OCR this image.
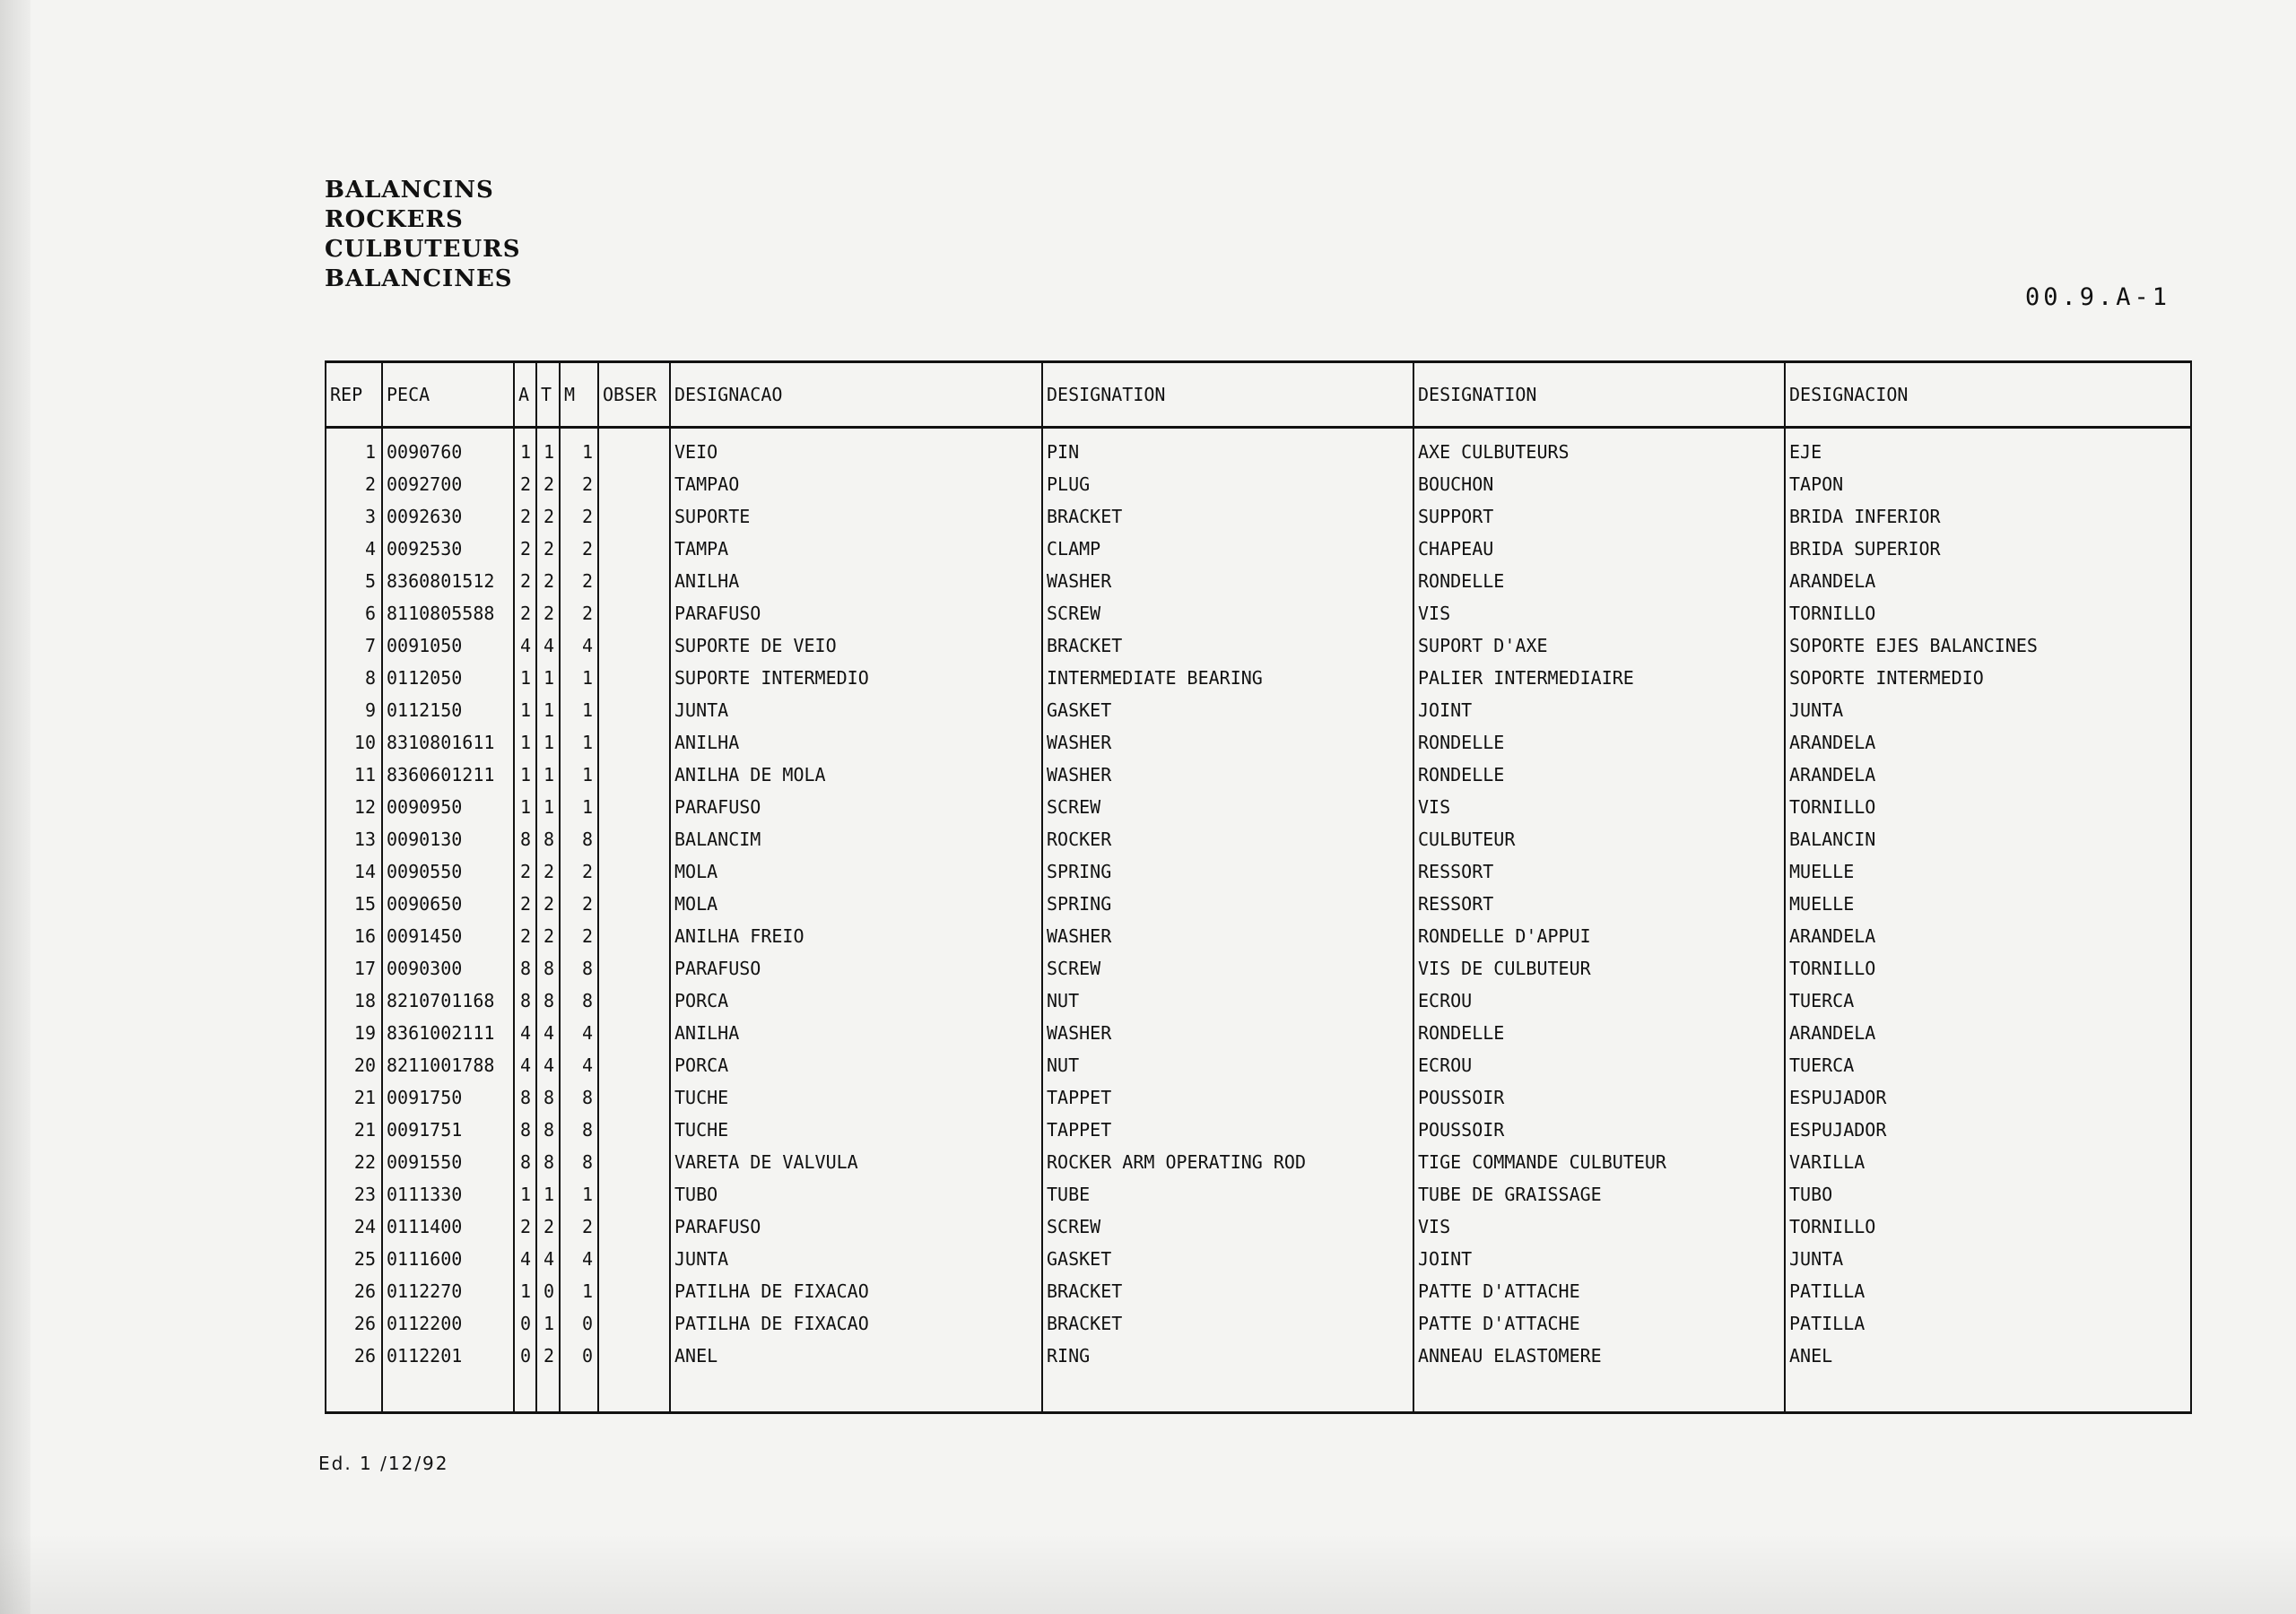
BALANCINS
ROCKERS
CULBUTEURS
BALANCINES
00.9.A-1
REP	PECA	A	T	M	OBSER	DESIGNACAO	DESIGNATION	DESIGNATION	DESIGNACION
1	0090760	1	1	1		VEIO	PIN	AXE CULBUTEURS	EJE
2	0092700	2	2	2		TAMPAO	PLUG	BOUCHON	TAPON
3	0092630	2	2	2		SUPORTE	BRACKET	SUPPORT	BRIDA INFERIOR
4	0092530	2	2	2		TAMPA	CLAMP	CHAPEAU	BRIDA SUPERIOR
5	8360801512	2	2	2		ANILHA	WASHER	RONDELLE	ARANDELA
6	8110805588	2	2	2		PARAFUSO	SCREW	VIS	TORNILLO
7	0091050	4	4	4		SUPORTE DE VEIO	BRACKET	SUPORT D'AXE	SOPORTE EJES BALANCINES
8	0112050	1	1	1		SUPORTE INTERMEDIO	INTERMEDIATE BEARING	PALIER INTERMEDIAIRE	SOPORTE INTERMEDIO
9	0112150	1	1	1		JUNTA	GASKET	JOINT	JUNTA
10	8310801611	1	1	1		ANILHA	WASHER	RONDELLE	ARANDELA
11	8360601211	1	1	1		ANILHA DE MOLA	WASHER	RONDELLE	ARANDELA
12	0090950	1	1	1		PARAFUSO	SCREW	VIS	TORNILLO
13	0090130	8	8	8		BALANCIM	ROCKER	CULBUTEUR	BALANCIN
14	0090550	2	2	2		MOLA	SPRING	RESSORT	MUELLE
15	0090650	2	2	2		MOLA	SPRING	RESSORT	MUELLE
16	0091450	2	2	2		ANILHA FREIO	WASHER	RONDELLE D'APPUI	ARANDELA
17	0090300	8	8	8		PARAFUSO	SCREW	VIS DE CULBUTEUR	TORNILLO
18	8210701168	8	8	8		PORCA	NUT	ECROU	TUERCA
19	8361002111	4	4	4		ANILHA	WASHER	RONDELLE	ARANDELA
20	8211001788	4	4	4		PORCA	NUT	ECROU	TUERCA
21	0091750	8	8	8		TUCHE	TAPPET	POUSSOIR	ESPUJADOR
21	0091751	8	8	8		TUCHE	TAPPET	POUSSOIR	ESPUJADOR
22	0091550	8	8	8		VARETA DE VALVULA	ROCKER ARM OPERATING ROD	TIGE COMMANDE CULBUTEUR	VARILLA
23	0111330	1	1	1		TUBO	TUBE	TUBE DE GRAISSAGE	TUBO
24	0111400	2	2	2		PARAFUSO	SCREW	VIS	TORNILLO
25	0111600	4	4	4		JUNTA	GASKET	JOINT	JUNTA
26	0112270	1	0	1		PATILHA DE FIXACAO	BRACKET	PATTE D'ATTACHE	PATILLA
26	0112200	0	1	0		PATILHA DE FIXACAO	BRACKET	PATTE D'ATTACHE	PATILLA
26	0112201	0	2	0		ANEL	RING	ANNEAU ELASTOMERE	ANEL

Ed. 1 /12/92
